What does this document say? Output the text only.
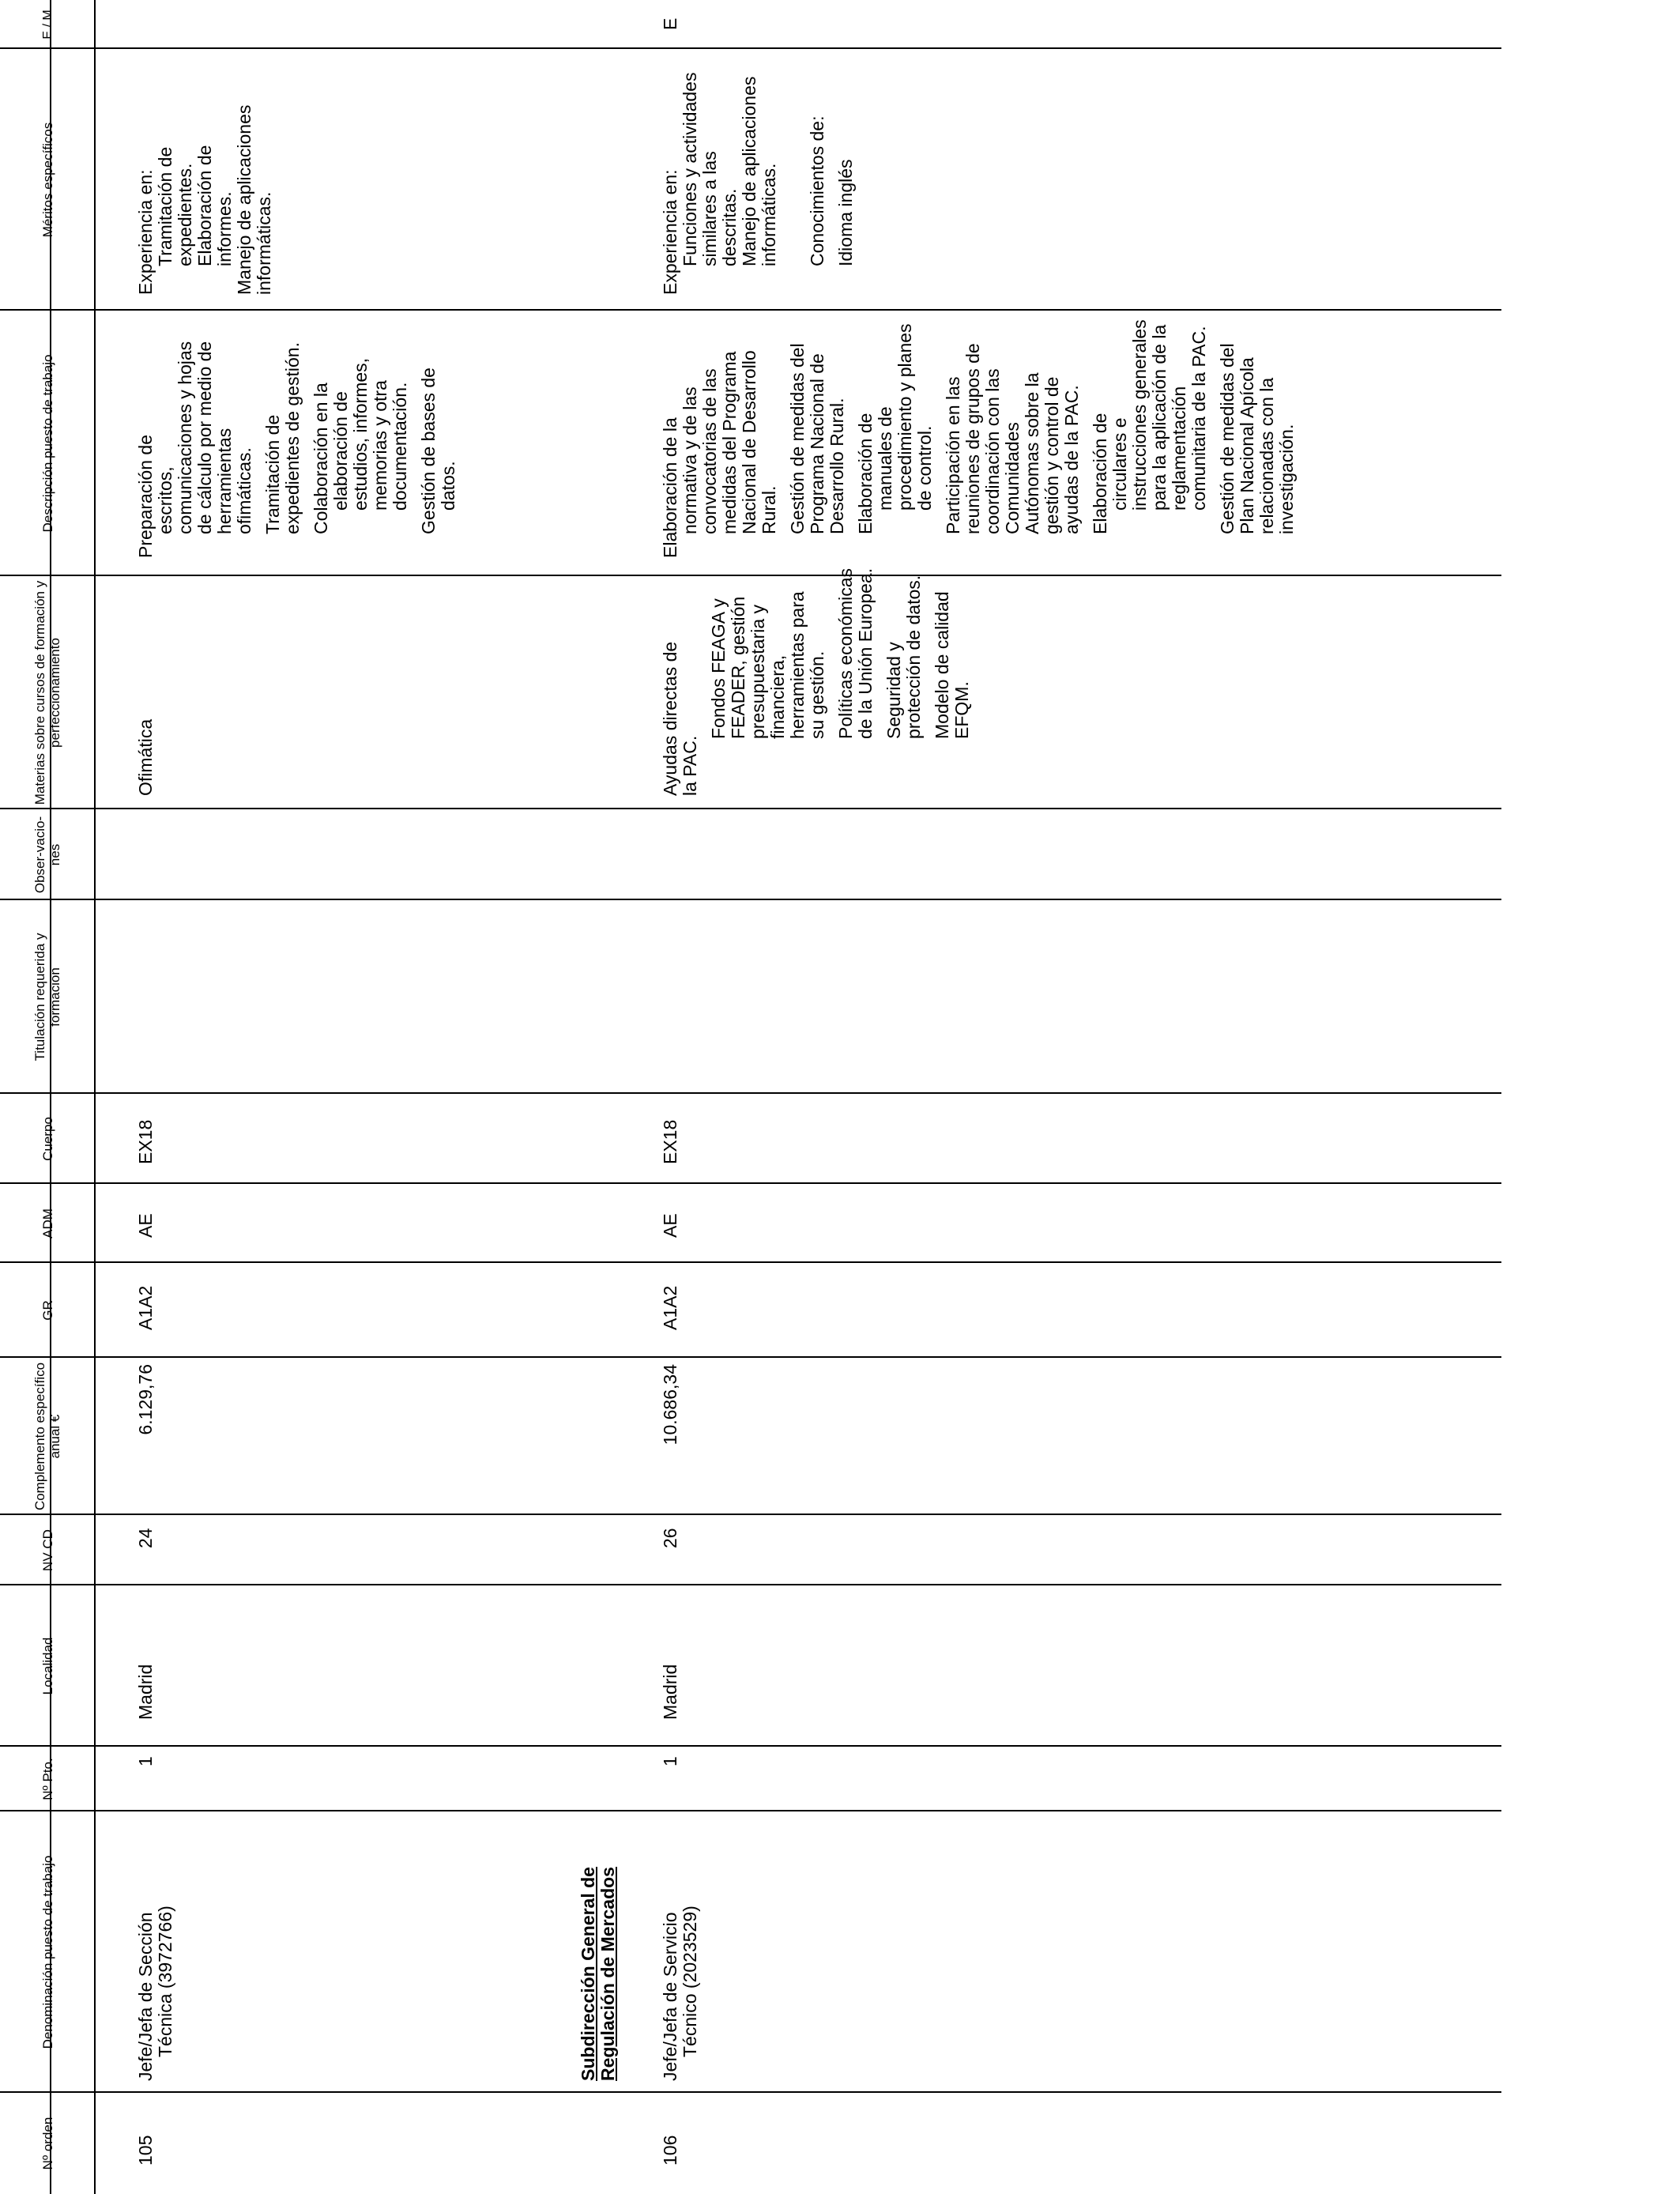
Nº orden
Denominación puesto de trabajo
Nº Pto.
Localidad
NV CD
Complemento específico anual €
GR
ADM
Cuerpo
Titulación requerida y formación
Obser-vacio-nes
Materias sobre cursos de formación y perfeccionamiento
Descripción puesto de trabajo
Méritos específicos
E / M
105
Jefe/Jefa de Sección Técnica (3972766)
1
Madrid
24
6.129,76
A1A2
AE
EX18
Ofimática
Preparación de escritos, comunicaciones y hojas de cálculo por medio de herramientas ofimáticas. Tramitación de expedientes de gestión. Colaboración en la elaboración de estudios, informes, memorias y otra documentación. Gestión de bases de datos.
Experiencia en: Tramitación de expedientes. Elaboración de informes. Manejo de aplicaciones informáticas.
Subdirección General de Regulación de Mercados
106
Jefe/Jefa de Servicio Técnico (2023529)
1
Madrid
26
10.686,34
A1A2
AE
EX18
Ayudas directas de la PAC.
Fondos FEAGA y FEADER, gestión presupuestaria y financiera, herramientas para su gestión. Políticas económicas de la Unión Europea. Seguridad y protección de datos. Modelo de calidad EFQM.
Elaboración de la normativa y de las convocatorias de las medidas del Programa Nacional de Desarrollo Rural. Gestión de medidas del Programa Nacional de Desarrollo Rural. Elaboración de manuales de procedimiento y planes de control. Participación en las reuniones de grupos de coordinación con las Comunidades Autónomas sobre la gestión y control de ayudas de la PAC. Elaboración de circulares e instrucciones generales para la aplicación de la reglamentación comunitaria de la PAC. Gestión de medidas del Plan Nacional Apícola relacionadas con la investigación.
Experiencia en: Funciones y actividades similares a las descritas. Manejo de aplicaciones informáticas. Conocimientos de: Idioma inglés
E
